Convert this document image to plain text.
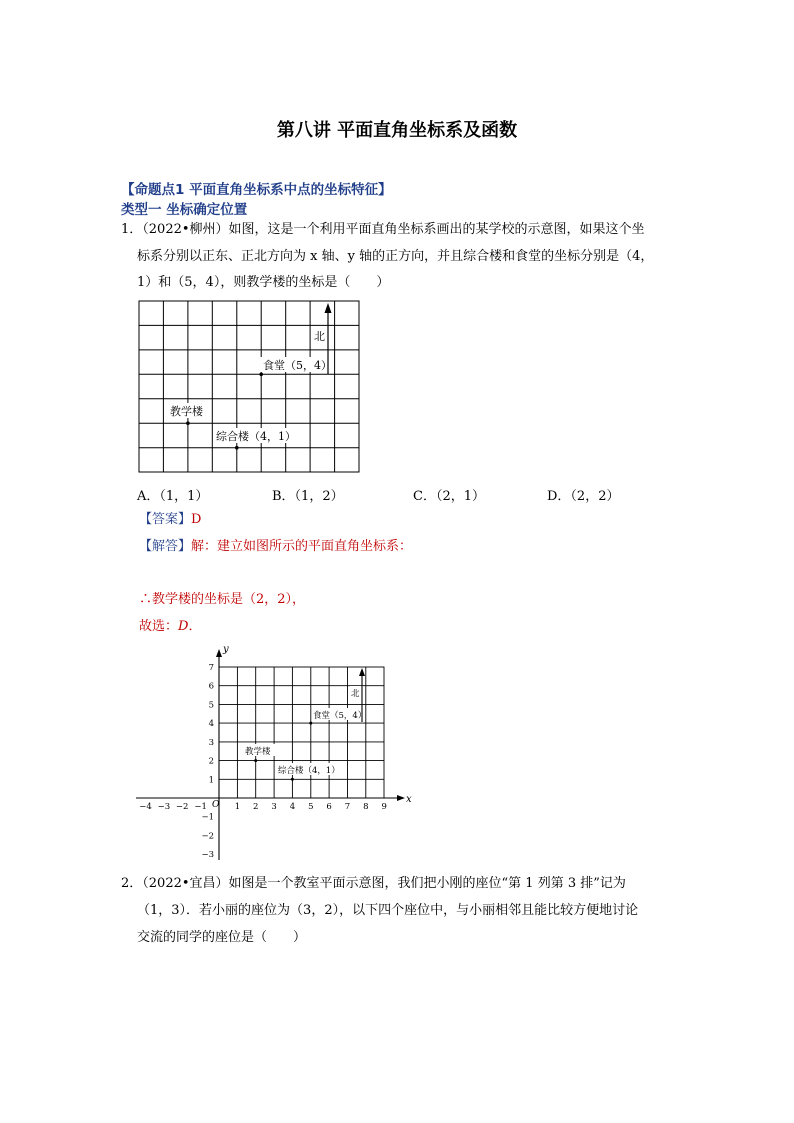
第八讲 平面直角坐标系及函数
【命题点1 平面直角坐标系中点的坐标特征】
类型一 坐标确定位置
1．（2022•柳州）如图，这是一个利用平面直角坐标系画出的某学校的示意图，如果这个坐
标系分别以正东、正北方向为 x 轴、y 轴的正方向，并且综合楼和食堂的坐标分别是（4，
1）和（5，4），则教学楼的坐标是（　　）
北
食堂（5，4）
教学楼
综合楼（4，1）
A．（1，1）	B．（1，2）	C．（2，1）	D．（2，2）
【答案】D
【解答】解：建立如图所示的平面直角坐标系：
∴教学楼的坐标是（2，2），
故选：D．
x
y
O
−4 −3 −2 −1	1 2 3 4 5 6 7 8 9
7
6
5
4
3
2
1
−1
−2
−3
北
食堂（5，4）
教学楼
综合楼（4，1）
2．（2022•宜昌）如图是一个教室平面示意图，我们把小刚的座位“第 1 列第 3 排”记为
（1，3）．若小丽的座位为（3，2），以下四个座位中，与小丽相邻且能比较方便地讨论
交流的同学的座位是（　　）
